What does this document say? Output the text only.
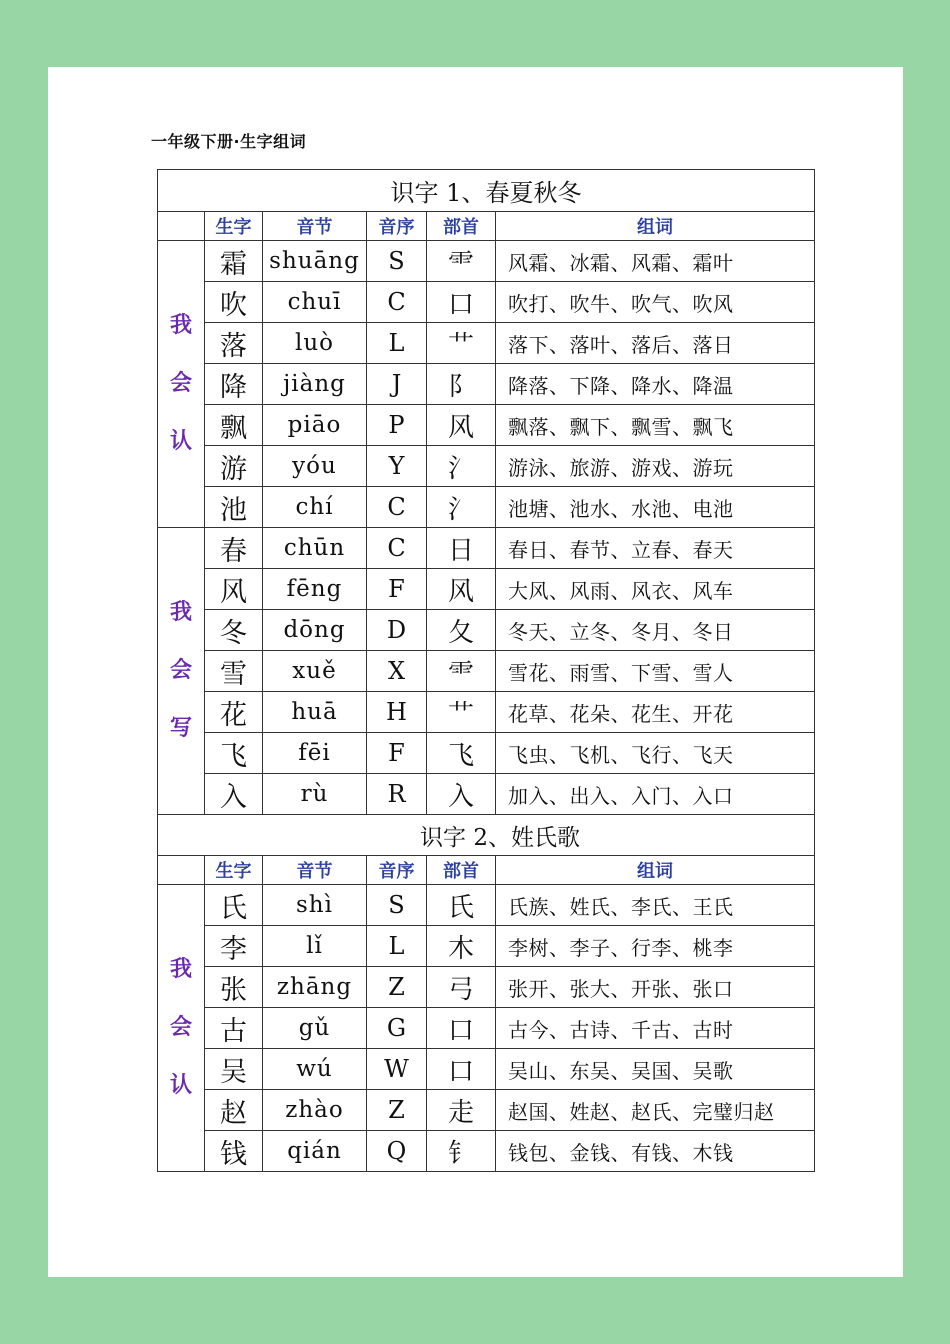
一年级下册·生字组词
识字 1、春夏秋冬					
	生字	音节	音序	部首	组词

我
会
认	霜	shuāng	S	⻗	风霜、冰霜、风霜、霜叶
	吹	chuī	C	口	吹打、吹牛、吹气、吹风
	落	luò	L	艹	落下、落叶、落后、落日
	降	jiàng	J	阝	降落、下降、降水、降温
	飘	piāo	P	风	飘落、飘下、飘雪、飘飞
	游	yóu	Y	氵	游泳、旅游、游戏、游玩
	池	chí	C	氵	池塘、池水、水池、电池

我
会
写	春	chūn	C	日	春日、春节、立春、春天
	风	fēng	F	风	大风、风雨、风衣、风车
	冬	dōng	D	夂	冬天、立冬、冬月、冬日
	雪	xuě	X	⻗	雪花、雨雪、下雪、雪人
	花	huā	H	艹	花草、花朵、花生、开花
	飞	fēi	F	飞	飞虫、飞机、飞行、飞天
	入	rù	R	入	加入、出入、入门、入口
识字 2、姓氏歌					
	生字	音节	音序	部首	组词

我
会
认	氏	shì	S	氏	氏族、姓氏、李氏、王氏
	李	lǐ	L	木	李树、李子、行李、桃李
	张	zhāng	Z	弓	张开、张大、开张、张口
	古	gǔ	G	口	古今、古诗、千古、古时
	吴	wú	W	口	吴山、东吴、吴国、吴歌
	赵	zhào	Z	走	赵国、姓赵、赵氏、完璧归赵
	钱	qián	Q	钅	钱包、金钱、有钱、木钱
